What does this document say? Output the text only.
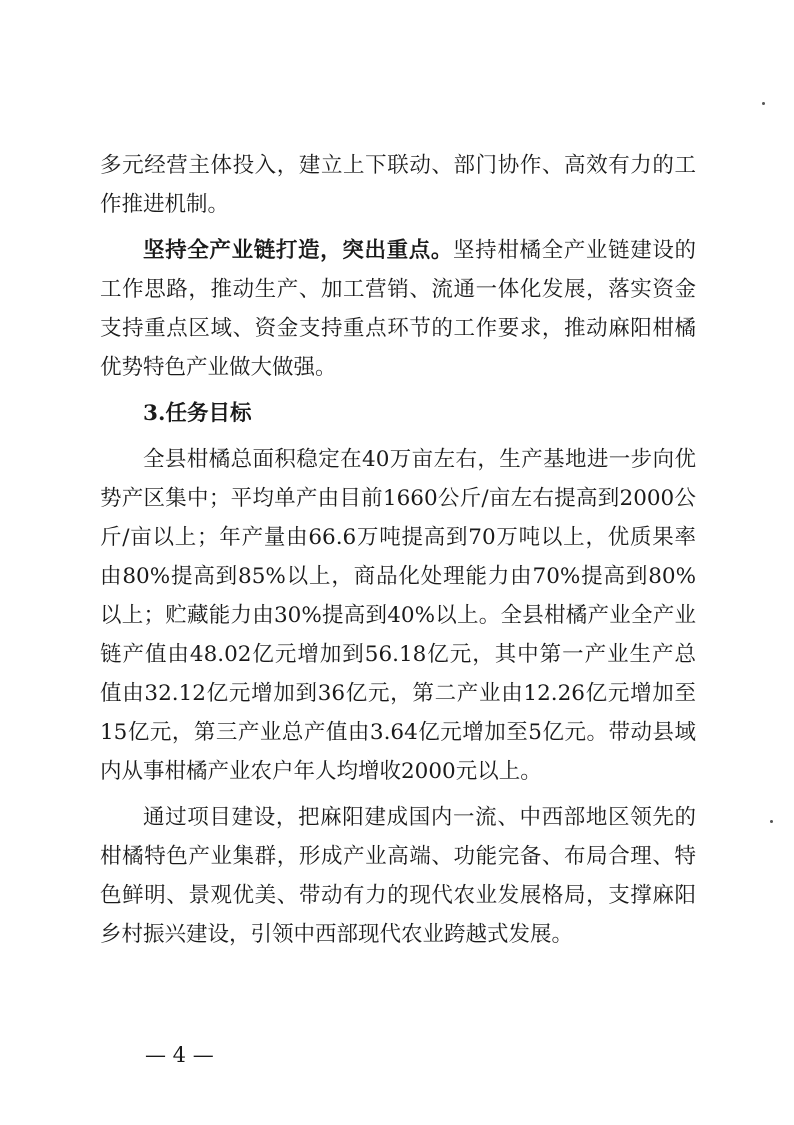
多元经营主体投入，建立上下联动、部门协作、高效有力的工作推进机制。

坚持全产业链打造，突出重点。坚持柑橘全产业链建设的工作思路，推动生产、加工营销、流通一体化发展，落实资金支持重点区域、资金支持重点环节的工作要求，推动麻阳柑橘优势特色产业做大做强。

3.任务目标

全县柑橘总面积稳定在40万亩左右，生产基地进一步向优势产区集中；平均单产由目前1660公斤/亩左右提高到2000公斤/亩以上；年产量由66.6万吨提高到70万吨以上，优质果率由80%提高到85%以上，商品化处理能力由70%提高到80%以上；贮藏能力由30%提高到40%以上。全县柑橘产业全产业链产值由48.02亿元增加到56.18亿元，其中第一产业生产总值由32.12亿元增加到36亿元，第二产业由12.26亿元增加至15亿元，第三产业总产值由3.64亿元增加至5亿元。带动县域内从事柑橘产业农户年人均增收2000元以上。

通过项目建设，把麻阳建成国内一流、中西部地区领先的柑橘特色产业集群，形成产业高端、功能完备、布局合理、特色鲜明、景观优美、带动有力的现代农业发展格局，支撑麻阳乡村振兴建设，引领中西部现代农业跨越式发展。

— 4 —
